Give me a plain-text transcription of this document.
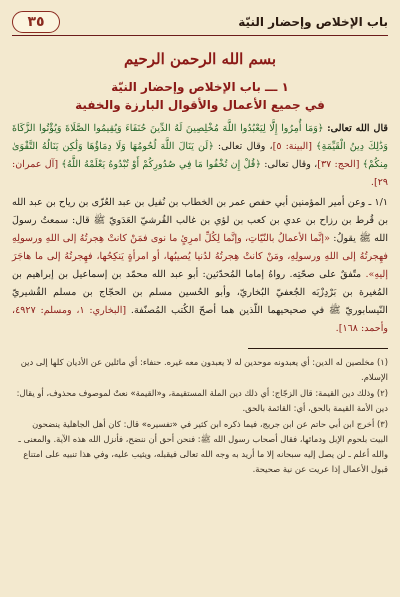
باب الإخلاص وإحضار النيّة
٣٥
بسم الله الرحمن الرحيم
١ ـــ باب الإخلاص وإحضار النيّة
في جميع الأعمال والأقوال البارزة والخفية

قال الله تعالى: ﴿وَمَا أُمِرُوا إِلَّا لِيَعْبُدُوا اللَّهَ مُخْلِصِينَ لَهُ الدِّينَ حُنَفَاءَ وَيُقِيمُوا الصَّلَاةَ وَيُؤْتُوا الزَّكَاةَ وَذَٰلِكَ دِينُ الْقَيِّمَةِ﴾ [البينة: ٥]، وقال تعالى: ﴿لَن يَنَالَ اللَّهَ لُحُومُهَا وَلَا دِمَاؤُهَا وَلَٰكِن يَنَالُهُ التَّقْوَىٰ مِنكُمْ﴾ [الحج: ٣٧]، وقال تعالى: ﴿قُلْ إِن تُخْفُوا مَا فِي صُدُورِكُمْ أَوْ تُبْدُوهُ يَعْلَمْهُ اللَّهُ﴾ [آل عمران: ٢٩].

١/١ ـ وعن أمير المؤمنين أبي حفص عمر بن الخطاب بن نُفيل بن عبد العُزّى بن رياح بن عبد الله بن قُرط بن رزاح بن عدي بن كعب بن لؤي بن غالب القُرشيّ العَدَويّ ﷺ قال: سمعتُ رسولَ الله ﷺ يقولُ: «إنَّما الأعمالُ بالنّيّاتِ، وإنَّما لِكُلِّ امرِئٍ ما نوى فمَنْ كانتْ هِجرتُهُ إلى اللهِ ورسولِهِ فهِجرتُهُ إلى اللهِ ورسولِهِ، ومَنْ كانتْ هِجرتُهُ لدُنيا يُصيبُها، أو امرأةٍ يَنكِحُها، فهِجرتُهُ إلى ما هاجَرَ إليهِ». متّفقٌ على صحّتِه. رواهُ إماما المُحدّثين: أبو عبد الله محمّد بن إسماعيل بن إبراهيم بن المُغيرة بن بَرْدِزْبَه الجُعفيّ البُخاريّ، وأبو الحُسين مسلم بن الحجّاج بن مسلم القُشيريّ النّيسابوريّ ﷺ في صحيحيهما اللّذين هما أصحّ الكُتب المُصنّفة. [البخاري: ١، ومسلم: ٤٩٢٧، وأحمد: ١٦٨].

(١) مخلصين له الدين: أي يعبدونه موحدين له لا يعبدون معه غيره. حنفاء: أي مائلين عن الأديان كلها إلى دين الإسلام.

(٢) وذلك دين القيمة: قال الزجّاج: أي ذلك دين الملة المستقيمة، و«القيمة» نعتٌ لموصوف محذوف، أو يقال: دين الأمة القيمة بالحق، أي: القائمة بالحق.

(٣) أخرج ابن أبي حاتم عن ابن جريج، فيما ذكره ابن كثير في «تفسيره» قال: كان أهل الجاهلية ينضحون البيت بلحوم الإبل ودمائها، فقال أصحاب رسول الله ﷺ: فنحن أحق أن ننضح، فأنزل الله هذه الآية. والمعنى ـ والله أعلم ـ لن يصل إليه سبحانه إلا ما أريد به وجه الله تعالى فيقبله، ويثيب عليه، وفي هذا تنبيه على امتناع قبول الأعمال إذا عريت عن نية صحيحة.
